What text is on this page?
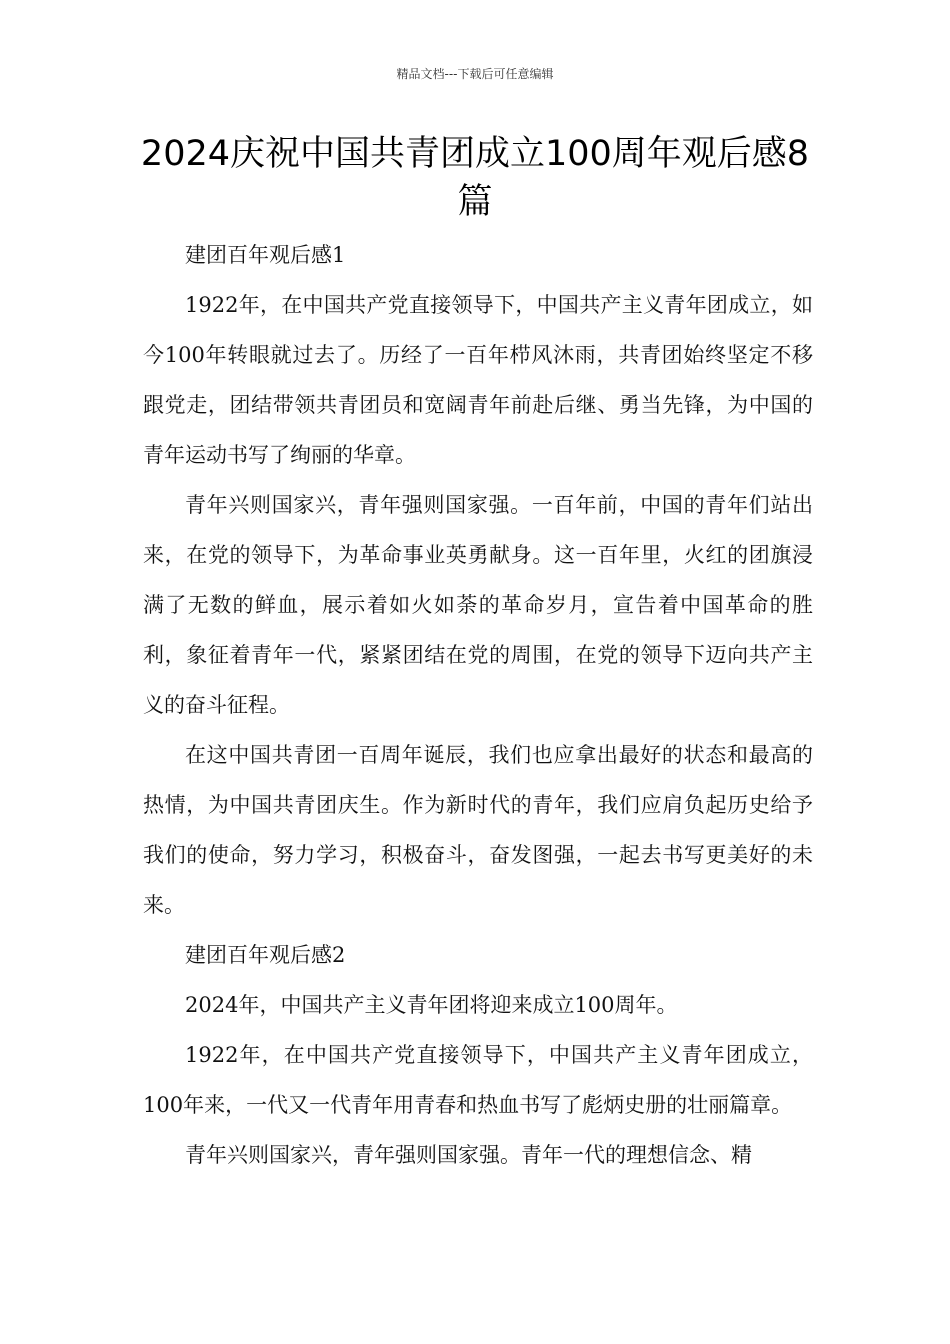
精品文档---下载后可任意编辑
2024庆祝中国共青团成立100周年观后感8篇

建团百年观后感1

1922年，在中国共产党直接领导下，中国共产主义青年团成立，如今100年转眼就过去了。历经了一百年栉风沐雨，共青团始终坚定不移跟党走，团结带领共青团员和宽阔青年前赴后继、勇当先锋，为中国的青年运动书写了绚丽的华章。

青年兴则国家兴，青年强则国家强。一百年前，中国的青年们站出来，在党的领导下，为革命事业英勇献身。这一百年里，火红的团旗浸满了无数的鲜血，展示着如火如荼的革命岁月，宣告着中国革命的胜利，象征着青年一代，紧紧团结在党的周围，在党的领导下迈向共产主义的奋斗征程。

在这中国共青团一百周年诞辰，我们也应拿出最好的状态和最高的热情，为中国共青团庆生。作为新时代的青年，我们应肩负起历史给予我们的使命，努力学习，积极奋斗，奋发图强，一起去书写更美好的未来。

建团百年观后感2

2024年，中国共产主义青年团将迎来成立100周年。

1922年，在中国共产党直接领导下，中国共产主义青年团成立，100年来，一代又一代青年用青春和热血书写了彪炳史册的壮丽篇章。

青年兴则国家兴，青年强则国家强。青年一代的理想信念、精
